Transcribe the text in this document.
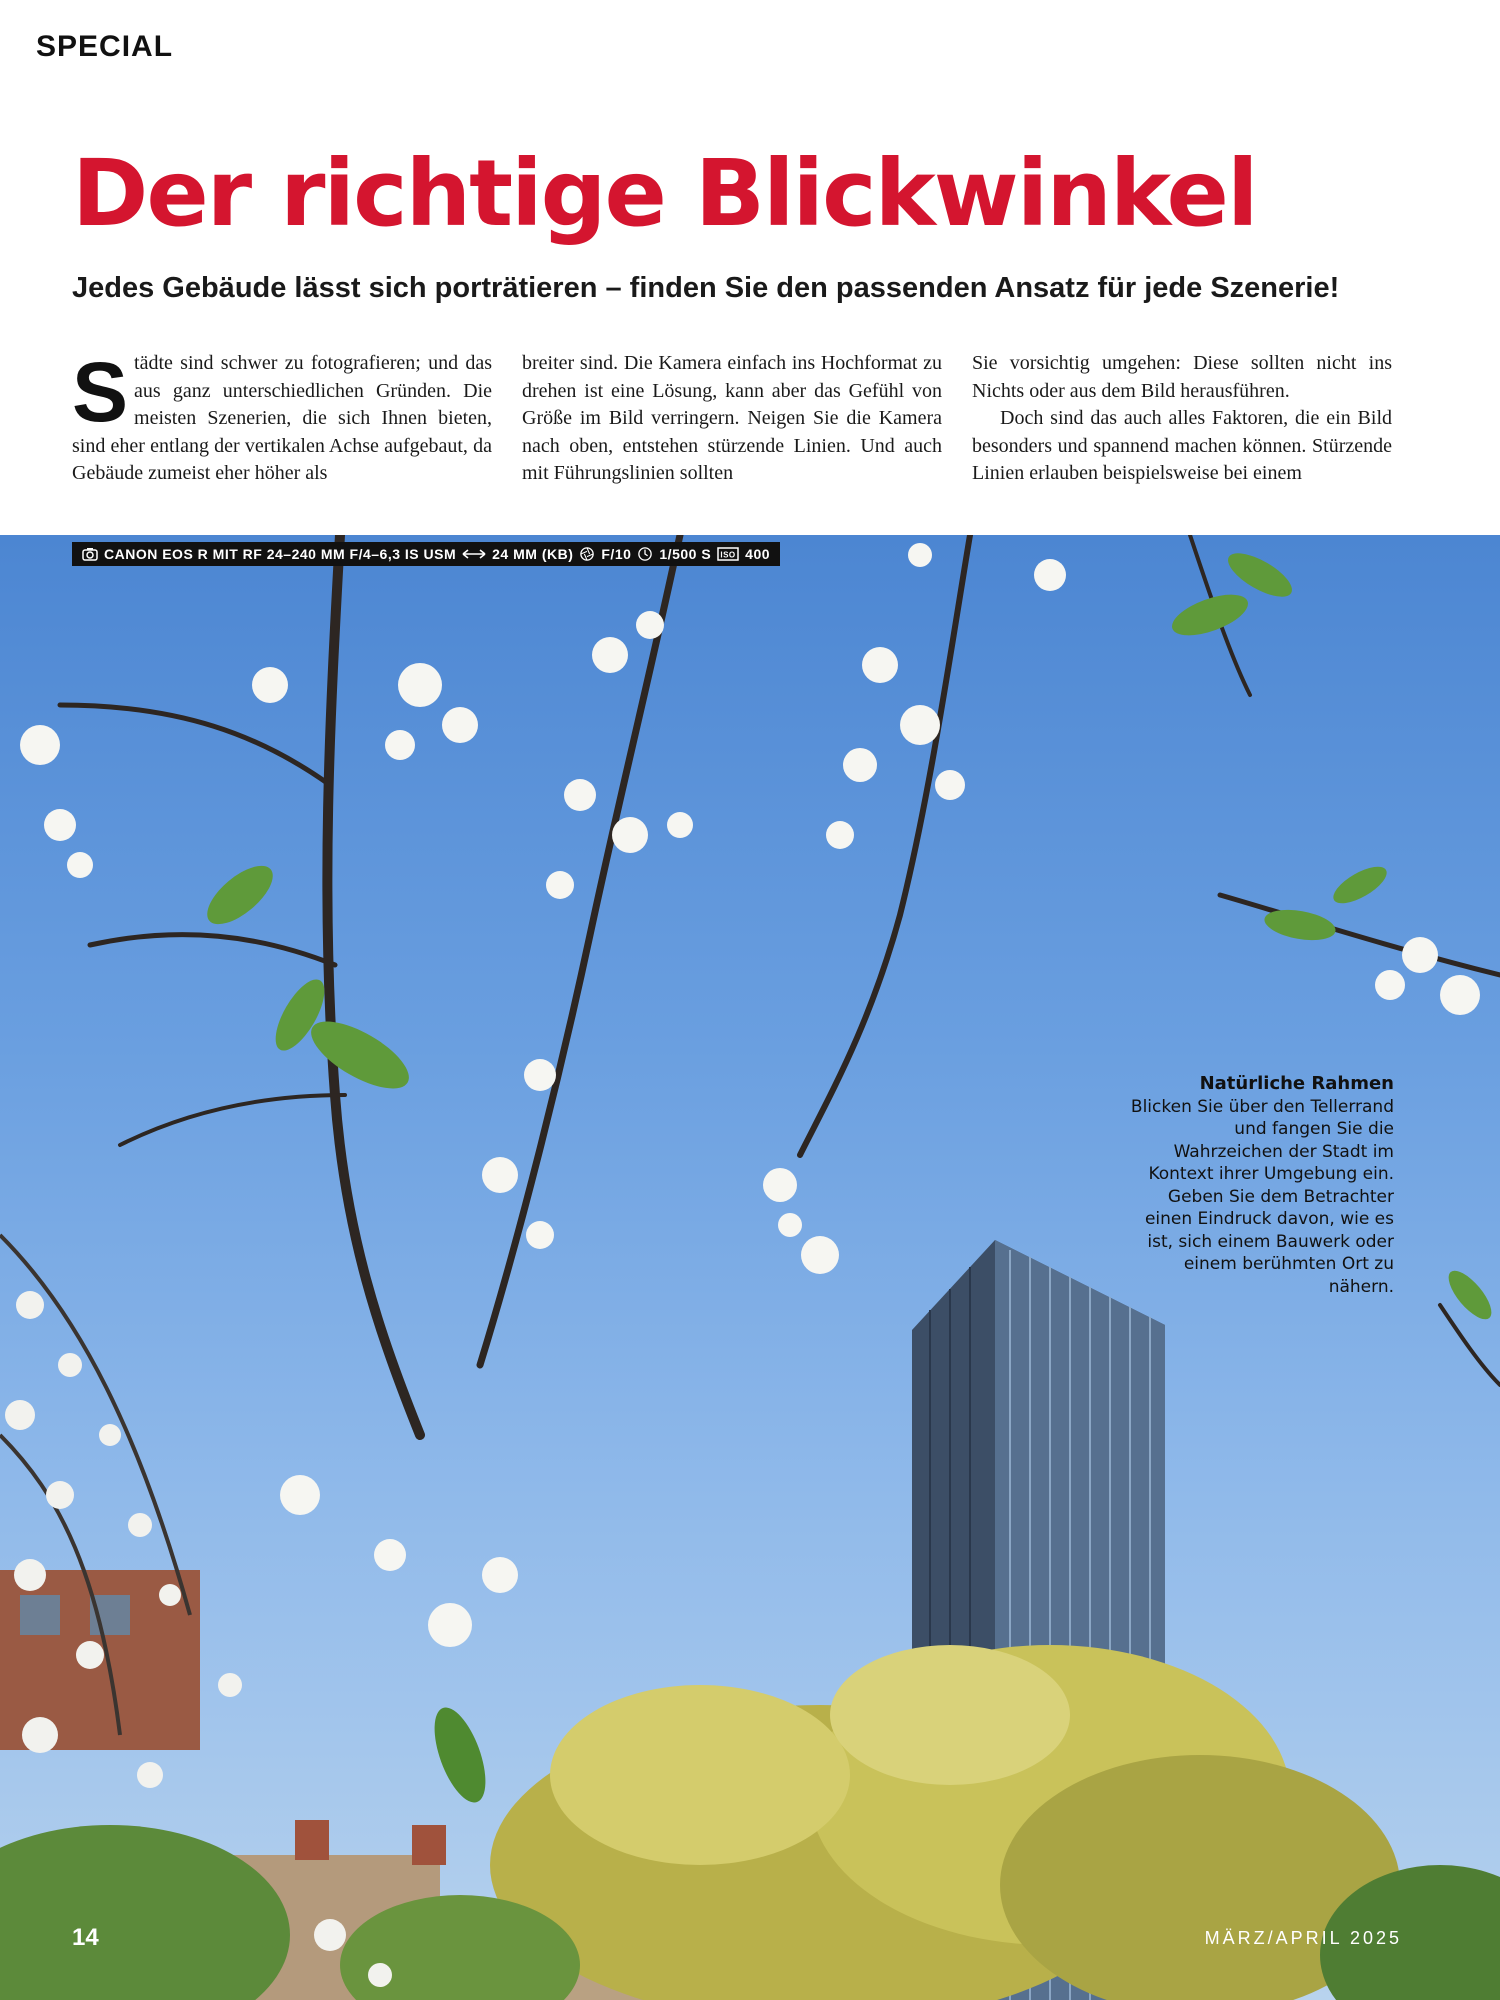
SPECIAL
Der richtige Blickwinkel
Jedes Gebäude lässt sich porträtieren – finden Sie den passenden Ansatz für jede Szenerie!

Städte sind schwer zu fotografieren; und das aus ganz unterschiedlichen Gründen. Die meisten Szenerien, die sich Ihnen bieten, sind eher entlang der vertikalen Achse aufgebaut, da Gebäude zumeist eher höher als

breiter sind. Die Kamera einfach ins Hochformat zu drehen ist eine Lösung, kann aber das Gefühl von Größe im Bild verringern. Neigen Sie die Kamera nach oben, entstehen stürzende Linien. Und auch mit Führungslinien sollten

Sie vorsichtig umgehen: Diese sollten nicht ins Nichts oder aus dem Bild herausführen.

Doch sind das auch alles Faktoren, die ein Bild besonders und spannend machen können. Stürzende Linien erlauben beispielsweise bei einem

CANON EOS R MIT RF 24–240 MM F/4–6,3 IS USM	24 MM (KB) F/10 1/500 S ISO 400
Natürliche Rahmen
Blicken Sie über den Tellerrand und fangen Sie die Wahrzeichen der Stadt im Kontext ihrer Umgebung ein. Geben Sie dem Betrachter einen Eindruck davon, wie es ist, sich einem Bauwerk oder einem berühmten Ort zu nähern.
14	MÄRZ/APRIL 2025
